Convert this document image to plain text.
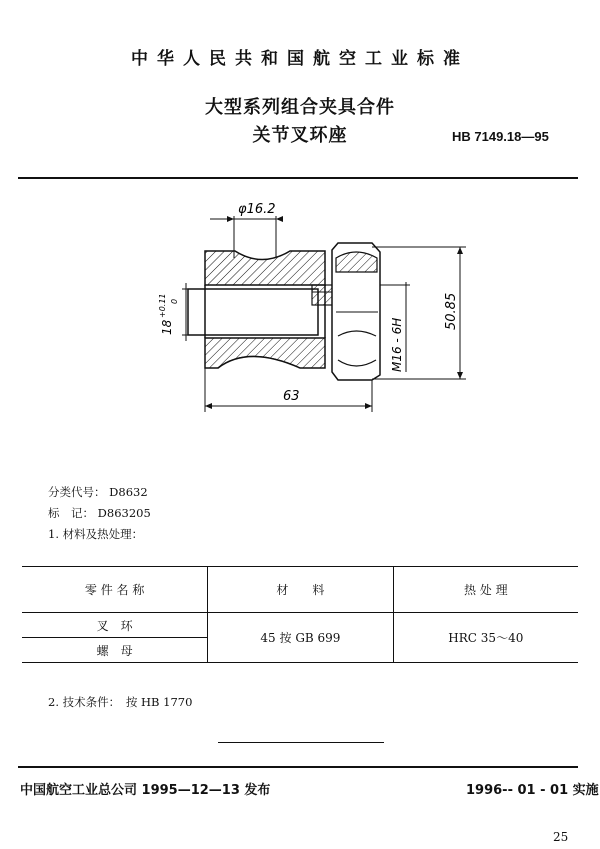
中华人民共和国航空工业标准
大型系列组合夹具合件
关节叉环座	HB 7149.18—95
φ16.2
18
+0.11 0
M16 - 6H
50.85
63
分类代号： D8632
标　记： D863205
1. 材料及热处理：
零 件 名 称	材　　料	热 处 理
叉　环	45 按 GB 699	HRC 35～40
螺　母		
2. 技术条件：　按 HB 1770
中国航空工业总公司 1995—12—13 发布	1996-- 01 - 01 实施
25
